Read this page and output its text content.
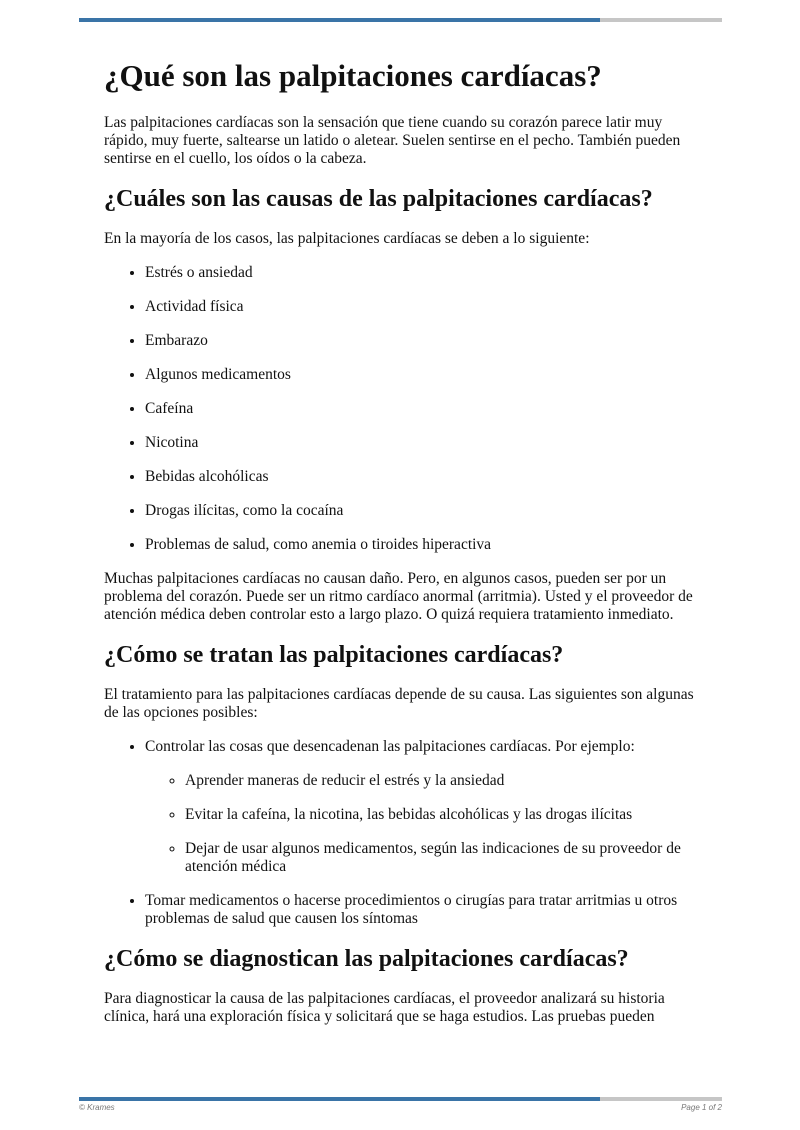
¿Qué son las palpitaciones cardíacas?

Las palpitaciones cardíacas son la sensación que tiene cuando su corazón parece latir muy rápido, muy fuerte, saltearse un latido o aletear. Suelen sentirse en el pecho. También pueden sentirse en el cuello, los oídos o la cabeza.

¿Cuáles son las causas de las palpitaciones cardíacas?

En la mayoría de los casos, las palpitaciones cardíacas se deben a lo siguiente:

• Estrés o ansiedad
• Actividad física
• Embarazo
• Algunos medicamentos
• Cafeína
• Nicotina
• Bebidas alcohólicas
• Drogas ilícitas, como la cocaína
• Problemas de salud, como anemia o tiroides hiperactiva

Muchas palpitaciones cardíacas no causan daño. Pero, en algunos casos, pueden ser por un problema del corazón. Puede ser un ritmo cardíaco anormal (arritmia). Usted y el proveedor de atención médica deben controlar esto a largo plazo. O quizá requiera tratamiento inmediato.

¿Cómo se tratan las palpitaciones cardíacas?

El tratamiento para las palpitaciones cardíacas depende de su causa. Las siguientes son algunas de las opciones posibles:

• Controlar las cosas que desencadenan las palpitaciones cardíacas. Por ejemplo:
◦ Aprender maneras de reducir el estrés y la ansiedad
◦ Evitar la cafeína, la nicotina, las bebidas alcohólicas y las drogas ilícitas
◦ Dejar de usar algunos medicamentos, según las indicaciones de su proveedor de atención médica
• Tomar medicamentos o hacerse procedimientos o cirugías para tratar arritmias u otros problemas de salud que causen los síntomas
¿Cómo se diagnostican las palpitaciones cardíacas?

Para diagnosticar la causa de las palpitaciones cardíacas, el proveedor analizará su historia clínica, hará una exploración física y solicitará que se haga estudios. Las pruebas pueden

© Krames	Page 1 of 2
